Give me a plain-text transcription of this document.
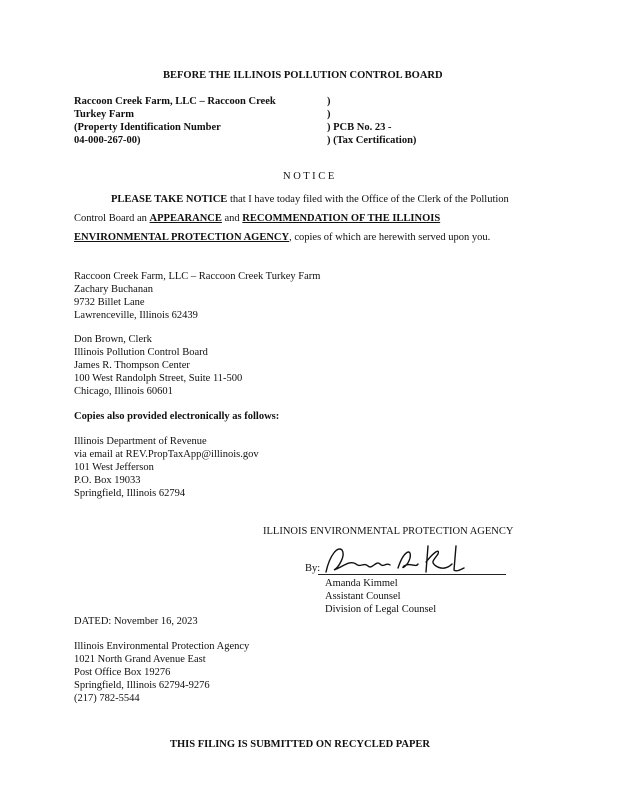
BEFORE THE ILLINOIS POLLUTION CONTROL BOARD
Raccoon Creek Farm, LLC – Raccoon Creek
Turkey Farm
(Property Identification Number
04-000-267-00)
)
)
) PCB No. 23 -
) (Tax Certification)
N O T I C E
PLEASE TAKE NOTICE that I have today filed with the Office of the Clerk of the Pollution
Control Board an APPEARANCE and RECOMMENDATION OF THE ILLINOIS
ENVIRONMENTAL PROTECTION AGENCY, copies of which are herewith served upon you.
Raccoon Creek Farm, LLC – Raccoon Creek Turkey Farm
Zachary Buchanan
9732 Billet Lane
Lawrenceville, Illinois 62439
Don Brown, Clerk
Illinois Pollution Control Board
James R. Thompson Center
100 West Randolph Street, Suite 11-500
Chicago, Illinois 60601
Copies also provided electronically as follows:
Illinois Department of Revenue
via email at REV.PropTaxApp@illinois.gov
101 West Jefferson
P.O. Box 19033
Springfield, Illinois 62794
ILLINOIS ENVIRONMENTAL PROTECTION AGENCY
By:
Amanda Kimmel
Assistant Counsel
Division of Legal Counsel
DATED: November 16, 2023
Illinois Environmental Protection Agency
1021 North Grand Avenue East
Post Office Box 19276
Springfield, Illinois 62794-9276
(217) 782-5544
THIS FILING IS SUBMITTED ON RECYCLED PAPER
